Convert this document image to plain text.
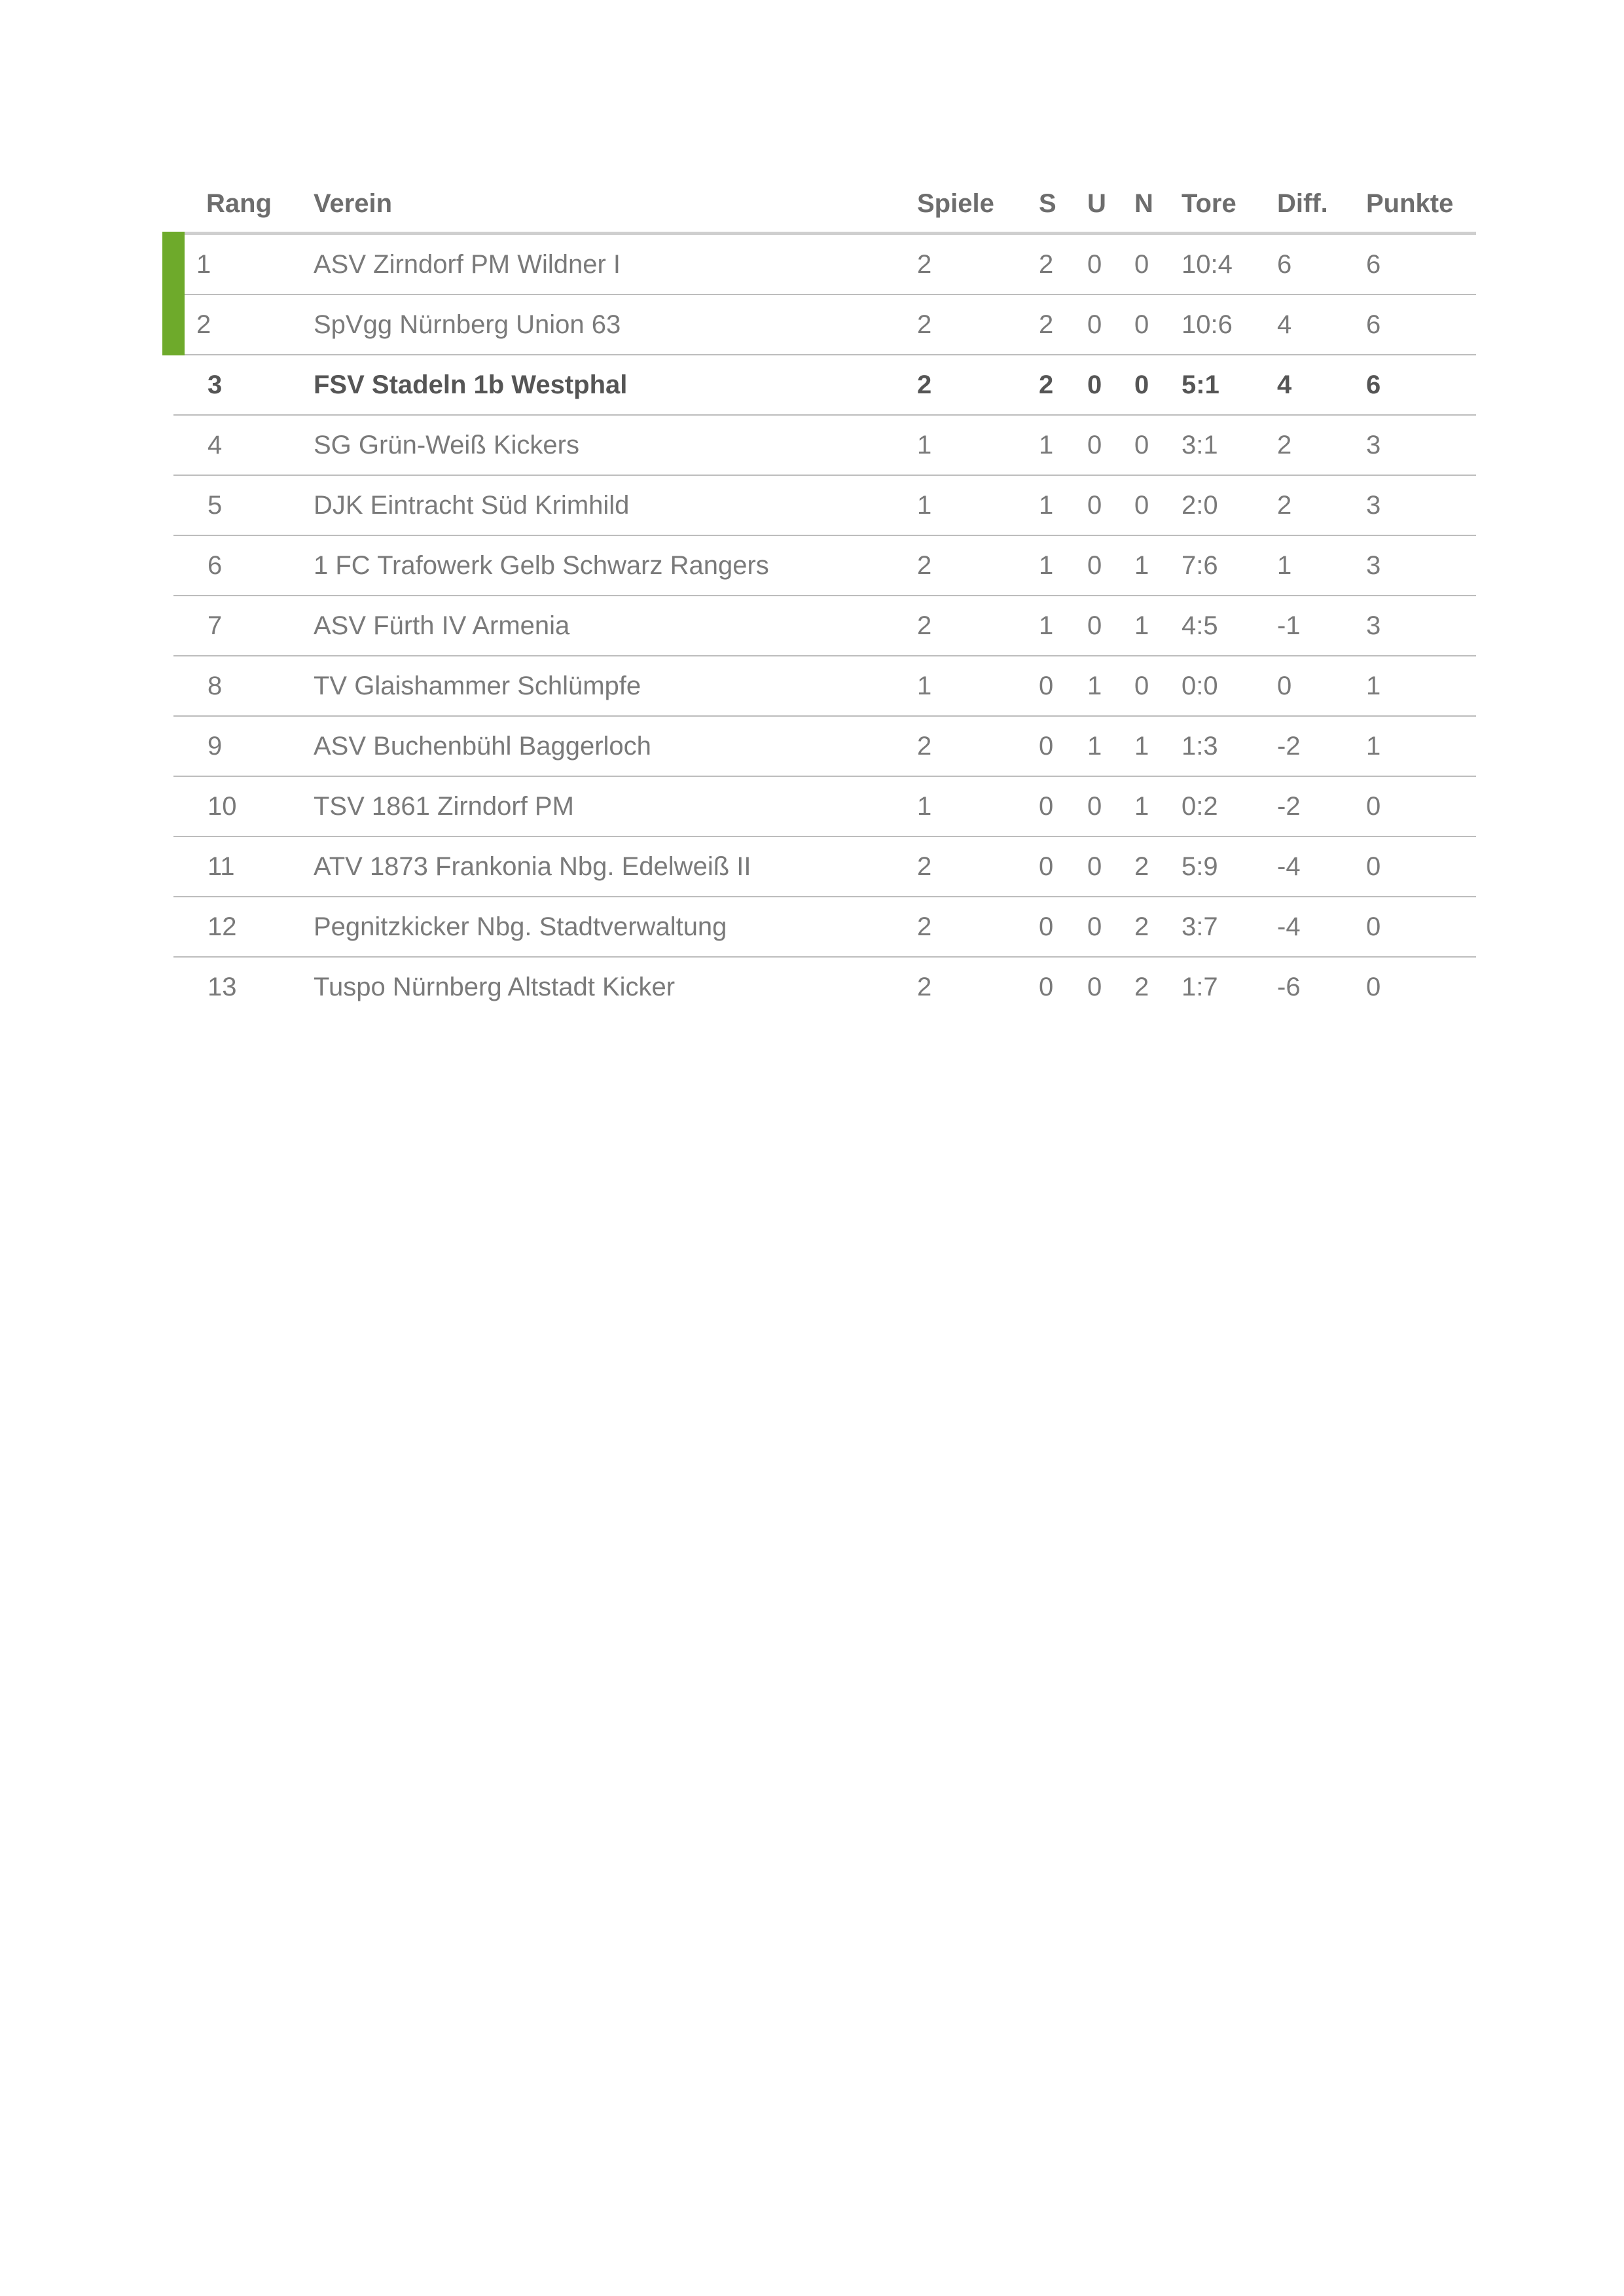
Rang	Verein	Spiele	S	U	N	Tore	Diff.	Punkte
1	ASV Zirndorf PM Wildner I	2	2	0	0	10:4	6	6
2	SpVgg Nürnberg Union 63	2	2	0	0	10:6	4	6
3	FSV Stadeln 1b Westphal	2	2	0	0	5:1	4	6
4	SG Grün-Weiß Kickers	1	1	0	0	3:1	2	3
5	DJK Eintracht Süd Krimhild	1	1	0	0	2:0	2	3
6	1 FC Trafowerk Gelb Schwarz Rangers	2	1	0	1	7:6	1	3
7	ASV Fürth IV Armenia	2	1	0	1	4:5	-1	3
8	TV Glaishammer Schlümpfe	1	0	1	0	0:0	0	1
9	ASV Buchenbühl Baggerloch	2	0	1	1	1:3	-2	1
10	TSV 1861 Zirndorf PM	1	0	0	1	0:2	-2	0
11	ATV 1873 Frankonia Nbg. Edelweiß II	2	0	0	2	5:9	-4	0
12	Pegnitzkicker Nbg. Stadtverwaltung	2	0	0	2	3:7	-4	0
13	Tuspo Nürnberg Altstadt Kicker	2	0	0	2	1:7	-6	0
